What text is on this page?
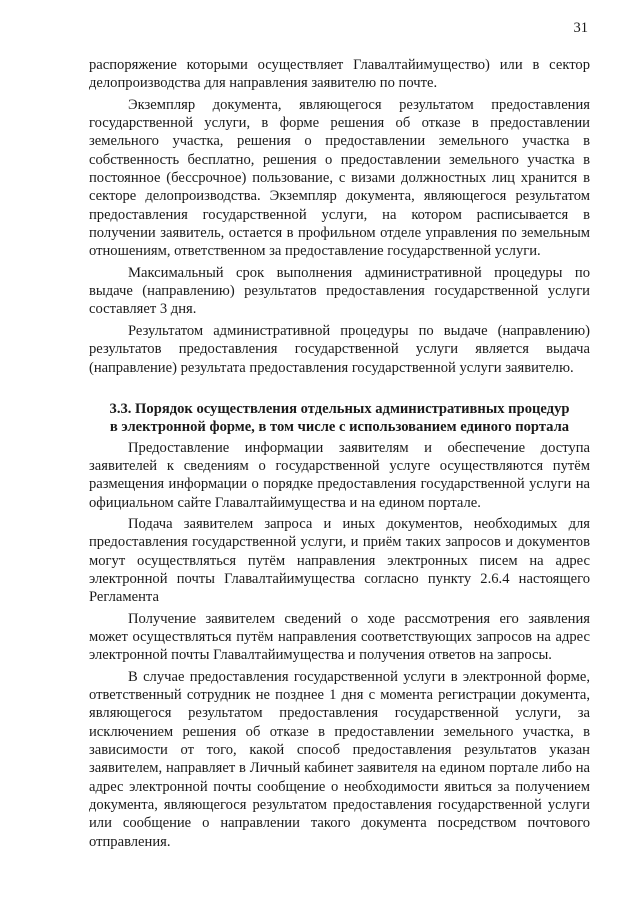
31

распоряжение которыми осуществляет Главалтайимущество) или в сектор делопроизводства для направления заявителю по почте.

Экземпляр документа, являющегося результатом предоставления государственной услуги, в форме решения об отказе в предоставлении земельного участка, решения о предоставлении земельного участка в собственность бесплатно, решения о предоставлении земельного участка в постоянное (бессрочное) пользование, с визами должностных лиц хранится в секторе делопроизводства. Экземпляр документа, являющегося результатом предоставления государственной услуги, на котором расписывается в получении заявитель, остается в профильном отделе управления по земельным отношениям, ответственном за предоставление государственной услуги.

Максимальный срок выполнения административной процедуры по выдаче (направлению) результатов предоставления государственной услуги составляет 3 дня.

Результатом административной процедуры по выдаче (направлению) результатов предоставления государственной услуги является выдача (направление) результата предоставления государственной услуги заявителю.

3.3. Порядок осуществления отдельных административных процедур в электронной форме, в том числе с использованием единого портала

Предоставление информации заявителям и обеспечение доступа заявителей к сведениям о государственной услуге осуществляются путём размещения информации о порядке предоставления государственной услуги на официальном сайте Главалтайимущества и на едином портале.

Подача заявителем запроса и иных документов, необходимых для предоставления государственной услуги, и приём таких запросов и документов могут осуществляться путём направления электронных писем на адрес электронной почты Главалтайимущества согласно пункту 2.6.4 настоящего Регламента

Получение заявителем сведений о ходе рассмотрения его заявления может осуществляться путём направления соответствующих запросов на адрес электронной почты Главалтайимущества и получения ответов на запросы.

В случае предоставления государственной услуги в электронной форме, ответственный сотрудник не позднее 1 дня с момента регистрации документа, являющегося результатом предоставления государственной услуги, за исключением решения об отказе в предоставлении земельного участка, в зависимости от того, какой способ предоставления результатов указан заявителем, направляет в Личный кабинет заявителя на едином портале либо на адрес электронной почты сообщение о необходимости явиться за получением документа, являющегося результатом предоставления государственной услуги или сообщение о направлении такого документа посредством почтового отправления.
